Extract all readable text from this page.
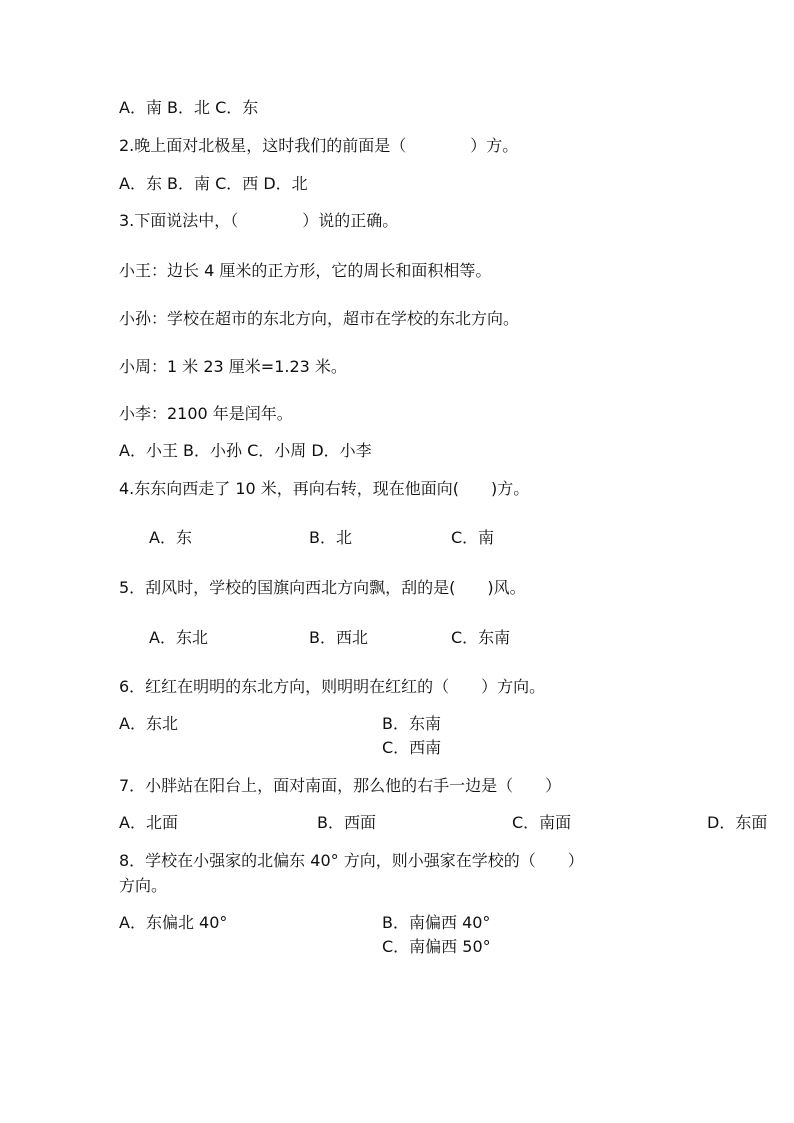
A．南 B．北 C．东
2.晚上面对北极星，这时我们的前面是（　　　　）方。
A．东 B．南 C．西 D．北
3.下面说法中，（　　　　）说的正确。
小王：边长 4 厘米的正方形，它的周长和面积相等。
小孙：学校在超市的东北方向，超市在学校的东北方向。
小周：1 米 23 厘米=1.23 米。
小李：2100 年是闰年。
A．小王 B．小孙 C．小周 D．小李
4.东东向西走了 10 米，再向右转，现在他面向(　　)方。
A．东	B．北	C．南
5．刮风时，学校的国旗向西北方向飘，刮的是(　　)风。
A．东北	B．西北	C．东南
6．红红在明明的东北方向，则明明在红红的（　　）方向。
A．东北	B．东南
C．西南
7．小胖站在阳台上，面对南面，那么他的右手一边是（　　）
A．北面	B．西面	C．南面	D．东面
8．学校在小强家的北偏东 40° 方向，则小强家在学校的（　　）
方向。
A．东偏北 40°	B．南偏西 40°
C．南偏西 50°
